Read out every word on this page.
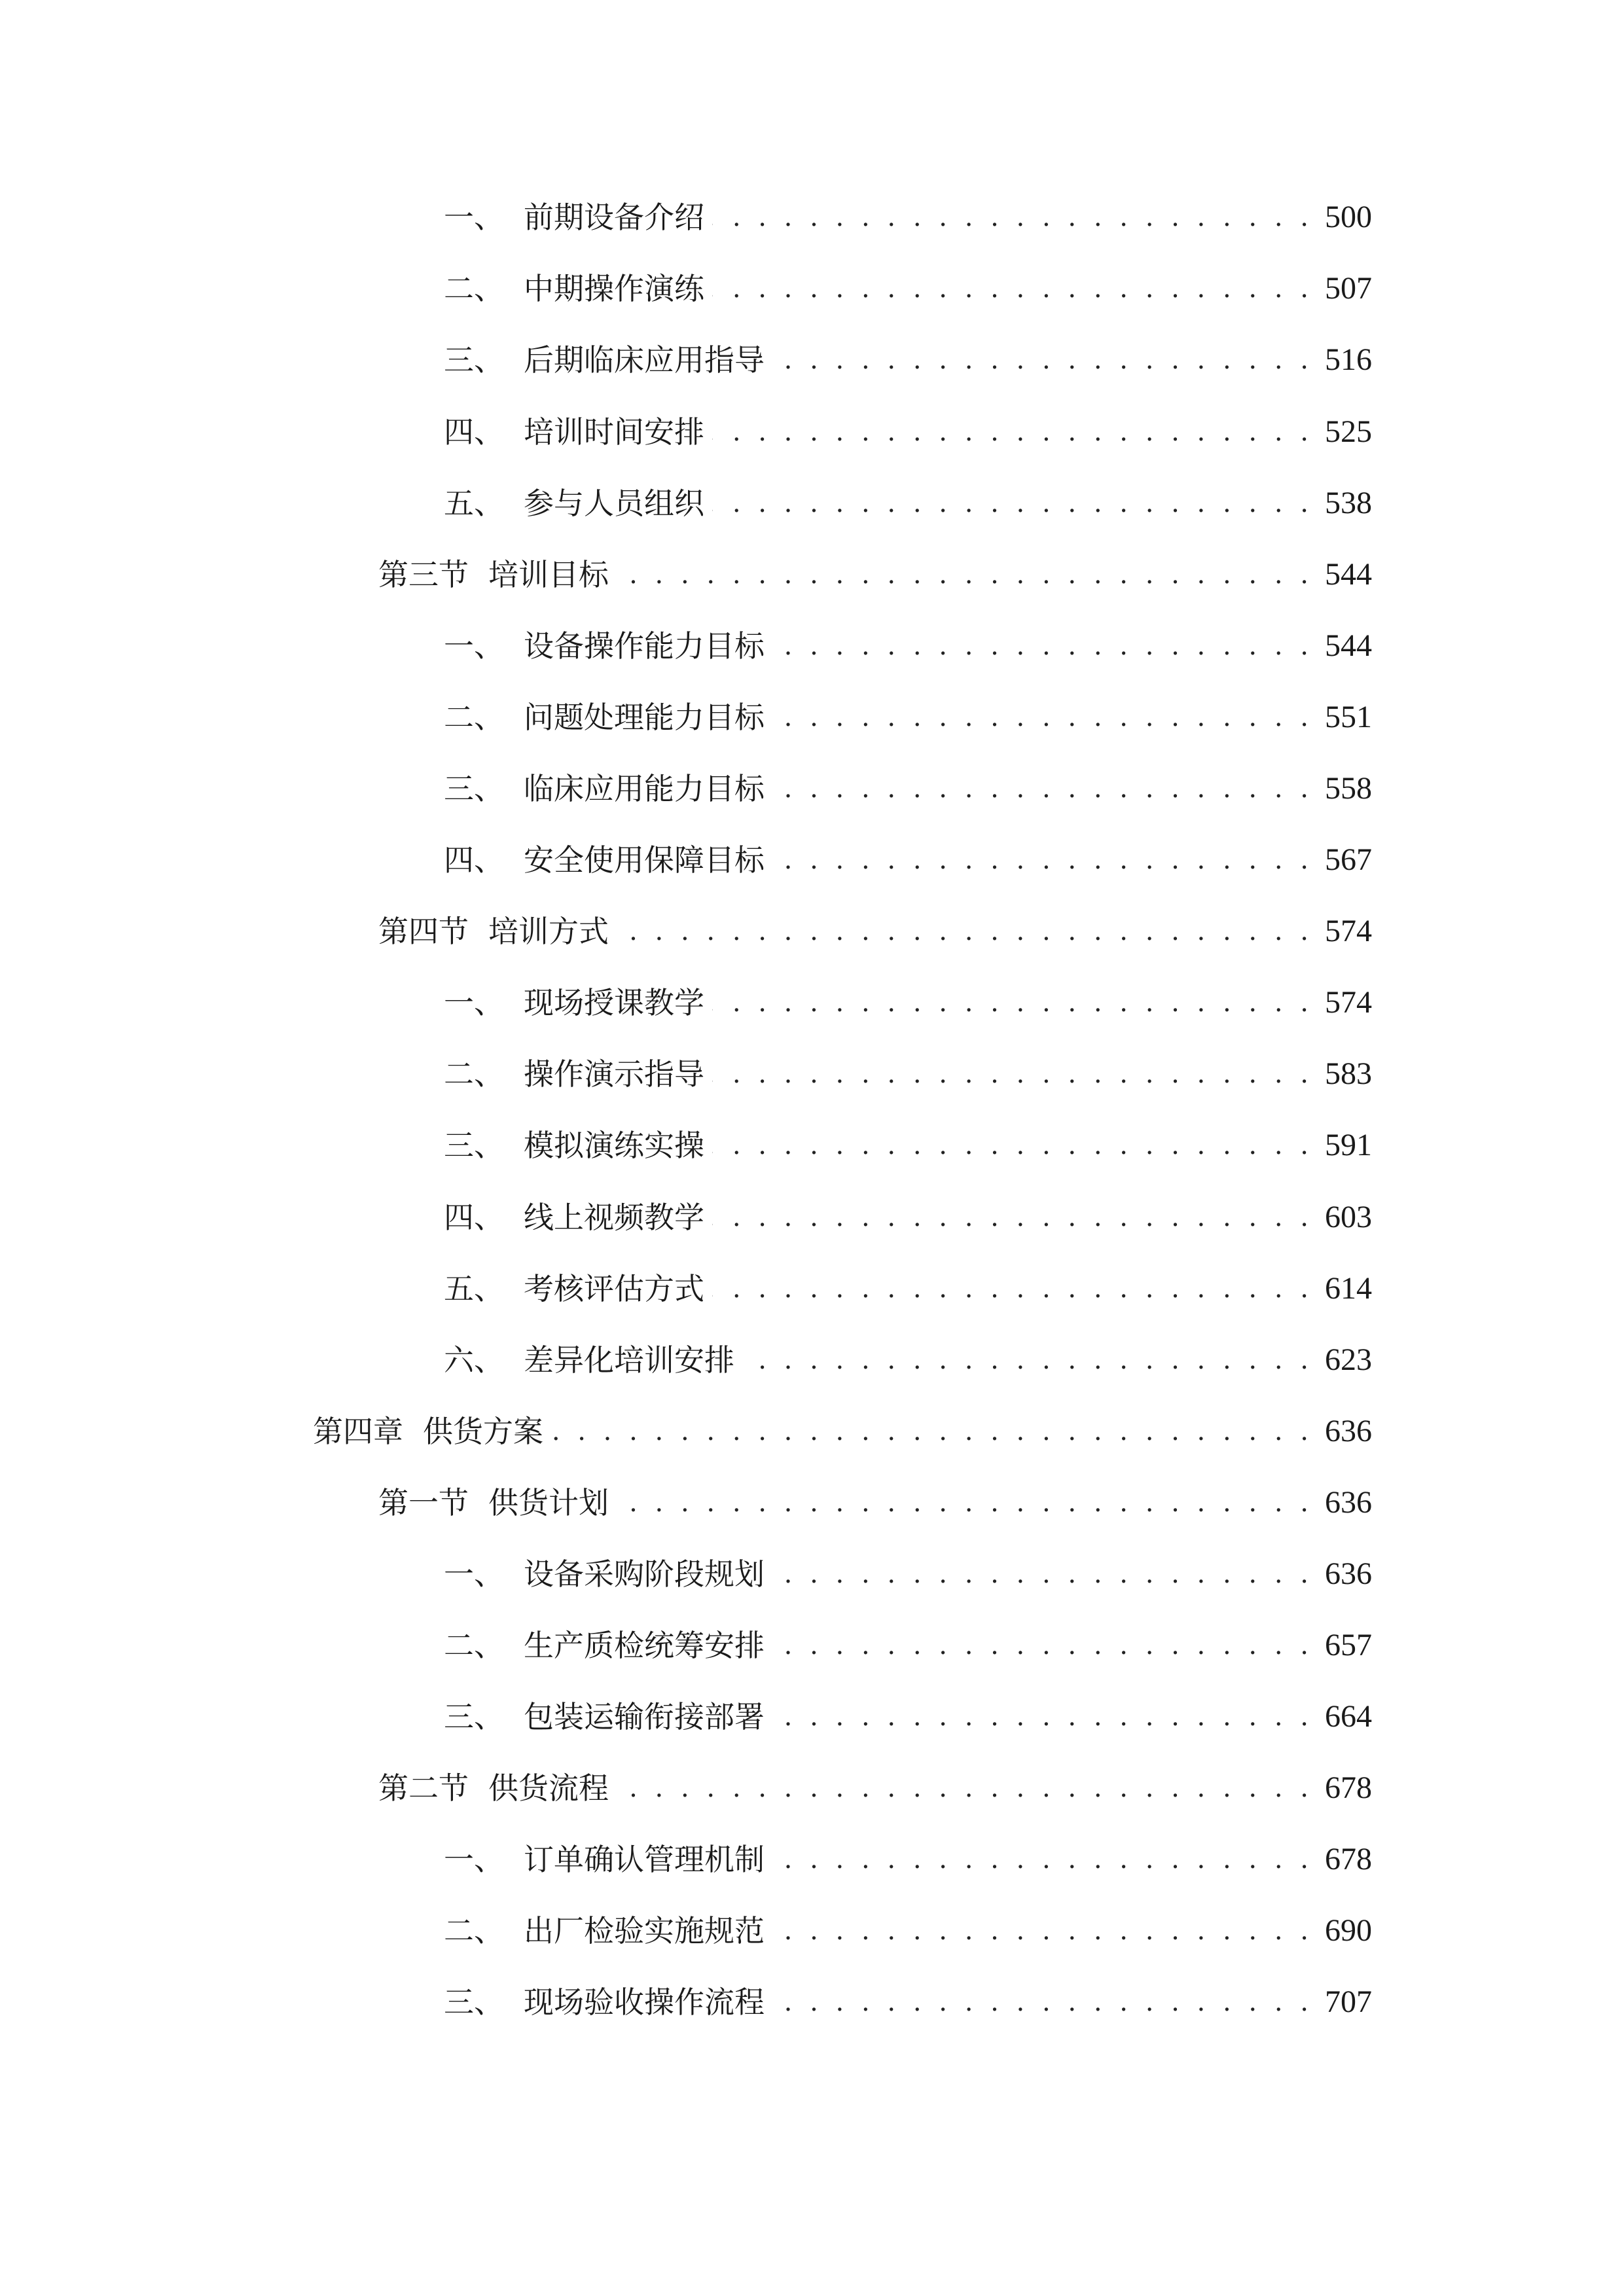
一、 前期设备介绍 . . .	500
二、 中期操作演练 . . .	507
三、 后期临床应用指导 . . .	516
四、 培训时间安排 . . .	525
五、 参与人员组织 . . .	538
第三节 培训目标 . . .	544
一、 设备操作能力目标 . . .	544
二、 问题处理能力目标 . . .	551
三、 临床应用能力目标 . . .	558
四、 安全使用保障目标 . . .	567
第四节 培训方式 . . .	574
一、 现场授课教学 . . .	574
二、 操作演示指导 . . .	583
三、 模拟演练实操 . . .	591
四、 线上视频教学 . . .	603
五、 考核评估方式 . . .	614
六、 差异化培训安排 . . .	623
第四章 供货方案 . . .	636
第一节 供货计划 . . .	636
一、 设备采购阶段规划 . . .	636
二、 生产质检统筹安排 . . .	657
三、 包装运输衔接部署 . . .	664
第二节 供货流程 . . .	678
一、 订单确认管理机制 . . .	678
二、 出厂检验实施规范 . . .	690
三、 现场验收操作流程 . . .	707
